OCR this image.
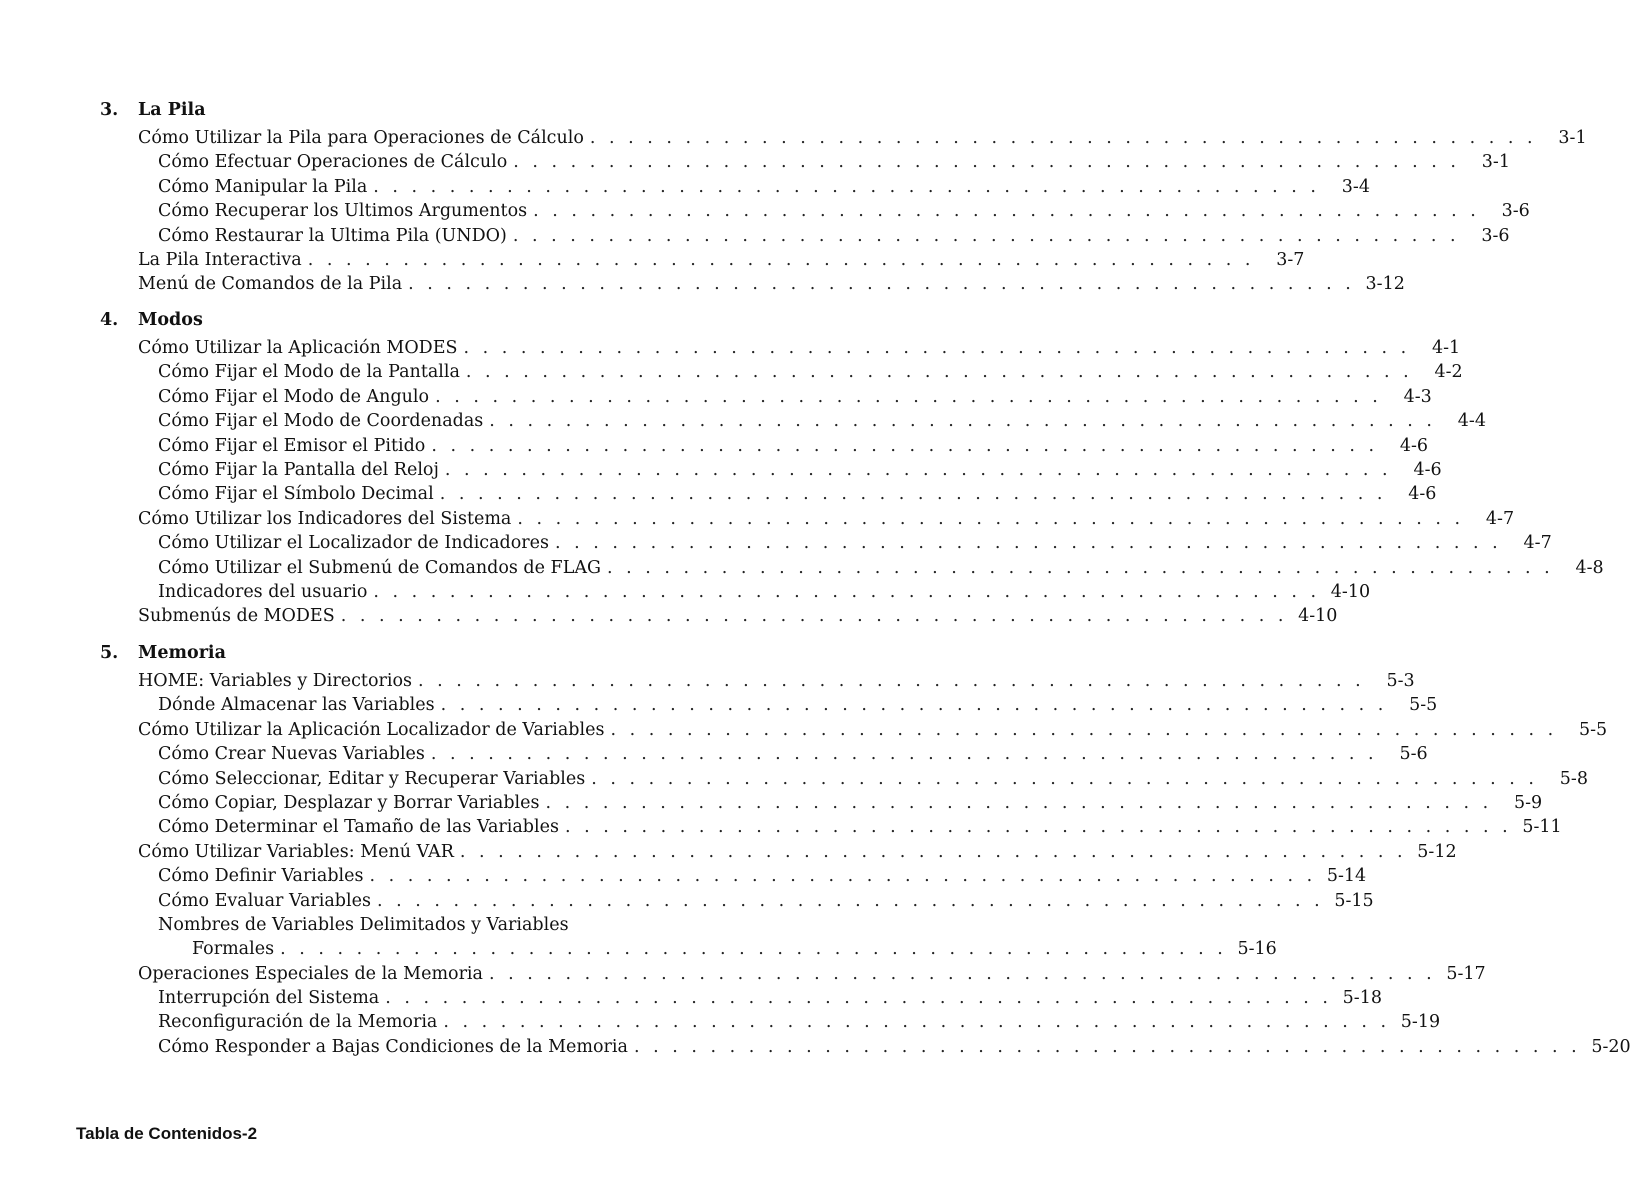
3.	La Pila
Cómo Utilizar la Pila para Operaciones de Cálculo . . . . . . . . . . . . . . . . . . . . . . . . . . . . . . . . . . . . . . . . . . . . . . . . . .	3-1
Cómo Efectuar Operaciones de Cálculo . . . . . . . . . . . . . . . . . . . . . . . . . . . . . . . . . . . . . . . . . . . . . . . . . .	3-1
Cómo Manipular la Pila . . . . . . . . . . . . . . . . . . . . . . . . . . . . . . . . . . . . . . . . . . . . . . . . . .	3-4
Cómo Recuperar los Ultimos Argumentos . . . . . . . . . . . . . . . . . . . . . . . . . . . . . . . . . . . . . . . . . . . . . . . . . .	3-6
Cómo Restaurar la Ultima Pila (UNDO) . . . . . . . . . . . . . . . . . . . . . . . . . . . . . . . . . . . . . . . . . . . . . . . . . .	3-6
La Pila Interactiva . . . . . . . . . . . . . . . . . . . . . . . . . . . . . . . . . . . . . . . . . . . . . . . . . .	3-7
Menú de Comandos de la Pila . . . . . . . . . . . . . . . . . . . . . . . . . . . . . . . . . . . . . . . . . . . . . . . . . . 3-12
4.	Modos
Cómo Utilizar la Aplicación MODES . . . . . . . . . . . . . . . . . . . . . . . . . . . . . . . . . . . . . . . . . . . . . . . . . .	4-1
Cómo Fijar el Modo de la Pantalla . . . . . . . . . . . . . . . . . . . . . . . . . . . . . . . . . . . . . . . . . . . . . . . . . .	4-2
Cómo Fijar el Modo de Angulo . . . . . . . . . . . . . . . . . . . . . . . . . . . . . . . . . . . . . . . . . . . . . . . . . .	4-3
Cómo Fijar el Modo de Coordenadas . . . . . . . . . . . . . . . . . . . . . . . . . . . . . . . . . . . . . . . . . . . . . . . . . .	4-4
Cómo Fijar el Emisor el Pitido . . . . . . . . . . . . . . . . . . . . . . . . . . . . . . . . . . . . . . . . . . . . . . . . . .	4-6
Cómo Fijar la Pantalla del Reloj . . . . . . . . . . . . . . . . . . . . . . . . . . . . . . . . . . . . . . . . . . . . . . . . . .	4-6
Cómo Fijar el Símbolo Decimal . . . . . . . . . . . . . . . . . . . . . . . . . . . . . . . . . . . . . . . . . . . . . . . . . .	4-6
Cómo Utilizar los Indicadores del Sistema . . . . . . . . . . . . . . . . . . . . . . . . . . . . . . . . . . . . . . . . . . . . . . . . . .	4-7
Cómo Utilizar el Localizador de Indicadores . . . . . . . . . . . . . . . . . . . . . . . . . . . . . . . . . . . . . . . . . . . . . . . . . .	4-7
Cómo Utilizar el Submenú de Comandos de FLAG . . . . . . . . . . . . . . . . . . . . . . . . . . . . . . . . . . . . . . . . . . . . . . . . . .	4-8
Indicadores del usuario . . . . . . . . . . . . . . . . . . . . . . . . . . . . . . . . . . . . . . . . . . . . . . . . . . 4-10
Submenús de MODES . . . . . . . . . . . . . . . . . . . . . . . . . . . . . . . . . . . . . . . . . . . . . . . . . . 4-10
5.	Memoria
HOME: Variables y Directorios . . . . . . . . . . . . . . . . . . . . . . . . . . . . . . . . . . . . . . . . . . . . . . . . . .	5-3
Dónde Almacenar las Variables . . . . . . . . . . . . . . . . . . . . . . . . . . . . . . . . . . . . . . . . . . . . . . . . . .	5-5
Cómo Utilizar la Aplicación Localizador de Variables . . . . . . . . . . . . . . . . . . . . . . . . . . . . . . . . . . . . . . . . . . . . . . . . . .	5-5
Cómo Crear Nuevas Variables . . . . . . . . . . . . . . . . . . . . . . . . . . . . . . . . . . . . . . . . . . . . . . . . . .	5-6
Cómo Seleccionar, Editar y Recuperar Variables . . . . . . . . . . . . . . . . . . . . . . . . . . . . . . . . . . . . . . . . . . . . . . . . . .	5-8
Cómo Copiar, Desplazar y Borrar Variables . . . . . . . . . . . . . . . . . . . . . . . . . . . . . . . . . . . . . . . . . . . . . . . . . .	5-9
Cómo Determinar el Tamaño de las Variables . . . . . . . . . . . . . . . . . . . . . . . . . . . . . . . . . . . . . . . . . . . . . . . . . . 5-11
Cómo Utilizar Variables: Menú VAR . . . . . . . . . . . . . . . . . . . . . . . . . . . . . . . . . . . . . . . . . . . . . . . . . . 5-12
Cómo Definir Variables . . . . . . . . . . . . . . . . . . . . . . . . . . . . . . . . . . . . . . . . . . . . . . . . . . 5-14
Cómo Evaluar Variables . . . . . . . . . . . . . . . . . . . . . . . . . . . . . . . . . . . . . . . . . . . . . . . . . . 5-15
Nombres de Variables Delimitados y Variables
Formales . . . . . . . . . . . . . . . . . . . . . . . . . . . . . . . . . . . . . . . . . . . . . . . . . . 5-16
Operaciones Especiales de la Memoria . . . . . . . . . . . . . . . . . . . . . . . . . . . . . . . . . . . . . . . . . . . . . . . . . . 5-17
Interrupción del Sistema . . . . . . . . . . . . . . . . . . . . . . . . . . . . . . . . . . . . . . . . . . . . . . . . . . 5-18
Reconfiguración de la Memoria . . . . . . . . . . . . . . . . . . . . . . . . . . . . . . . . . . . . . . . . . . . . . . . . . . 5-19
Cómo Responder a Bajas Condiciones de la Memoria . . . . . . . . . . . . . . . . . . . . . . . . . . . . . . . . . . . . . . . . . . . . . . . . . . 5-20
Tabla de Contenidos-2
